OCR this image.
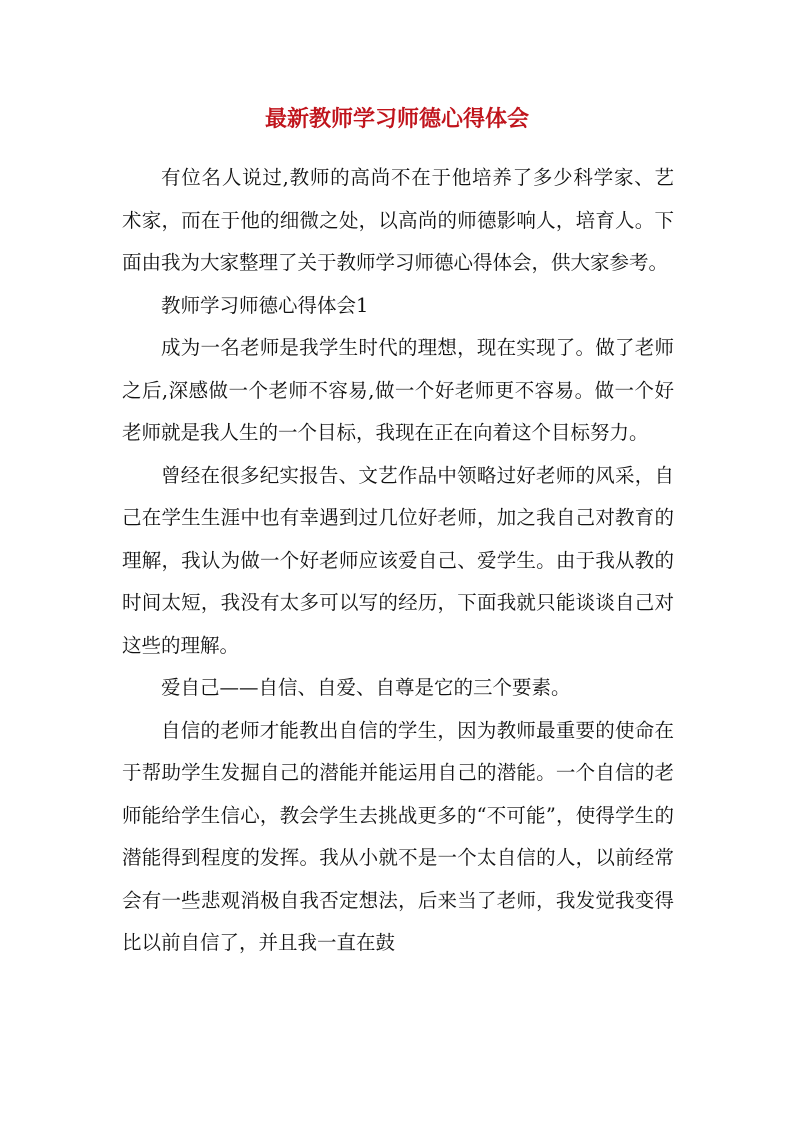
最新教师学习师德心得体会

有位名人说过,教师的高尚不在于他培养了多少科学家、艺术家，而在于他的细微之处，以高尚的师德影响人，培育人。下面由我为大家整理了关于教师学习师德心得体会，供大家参考。

教师学习师德心得体会1

成为一名老师是我学生时代的理想，现在实现了。做了老师之后,深感做一个老师不容易,做一个好老师更不容易。做一个好老师就是我人生的一个目标，我现在正在向着这个目标努力。

曾经在很多纪实报告、文艺作品中领略过好老师的风采，自己在学生生涯中也有幸遇到过几位好老师，加之我自己对教育的理解，我认为做一个好老师应该爱自己、爱学生。由于我从教的时间太短，我没有太多可以写的经历，下面我就只能谈谈自己对这些的理解。

爱自己——自信、自爱、自尊是它的三个要素。

自信的老师才能教出自信的学生，因为教师最重要的使命在于帮助学生发掘自己的潜能并能运用自己的潜能。一个自信的老师能给学生信心，教会学生去挑战更多的“不可能”，使得学生的潜能得到程度的发挥。我从小就不是一个太自信的人，以前经常会有一些悲观消极自我否定想法，后来当了老师，我发觉我变得比以前自信了，并且我一直在鼓
